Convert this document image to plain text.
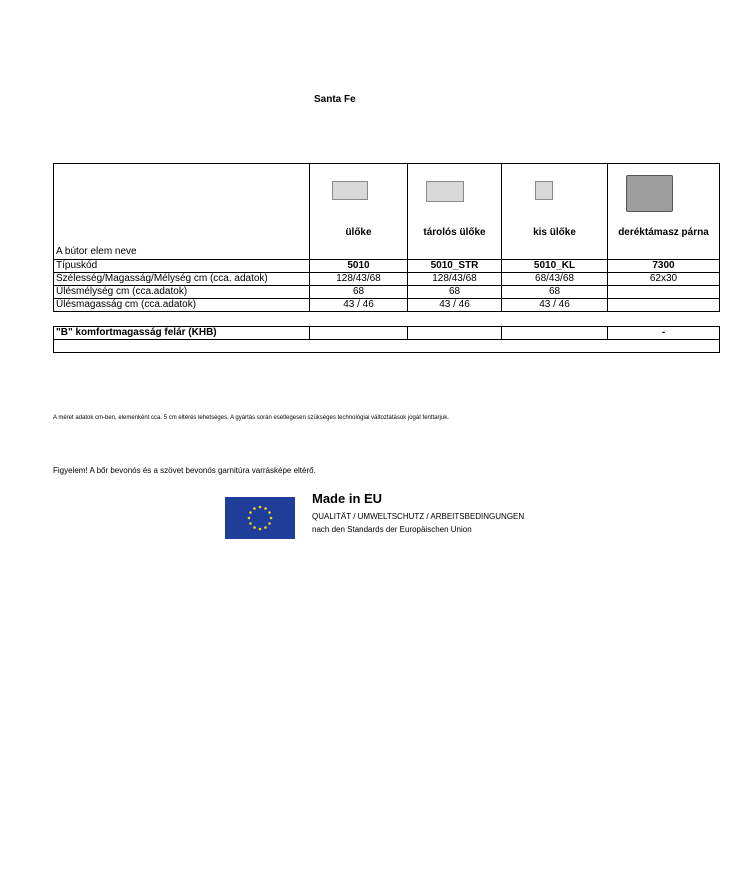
Santa Fe
A bútor elem neve	ülőke	tárolós ülőke	kis ülőke	deréktámasz párna

Típuskód	5010	5010_STR	5010_KL	7300
Szélesség/Magasság/Mélység cm (cca. adatok)	128/43/68	128/43/68	68/43/68	62x30
Ülésmélység cm (cca.adatok)	68	68	68	
Ülésmagasság cm (cca.adatok)	43 / 46	43 / 46	43 / 46	

"B" komfortmagasság felár (KHB)				-

A méret adatok cm-ben, elemenként cca. 5 cm eltérés lehetséges. A gyártás során esetlegesen szükséges technológiai változtatások jogát fenttarjuk.
Figyelem! A bőr bevonós és a szövet bevonós garnitúra varrásképe eltérő.
Made in EU
QUALITÄT / UMWELTSCHUTZ / ARBEITSBEDINGUNGEN
nach den Standards der Europäischen Union
